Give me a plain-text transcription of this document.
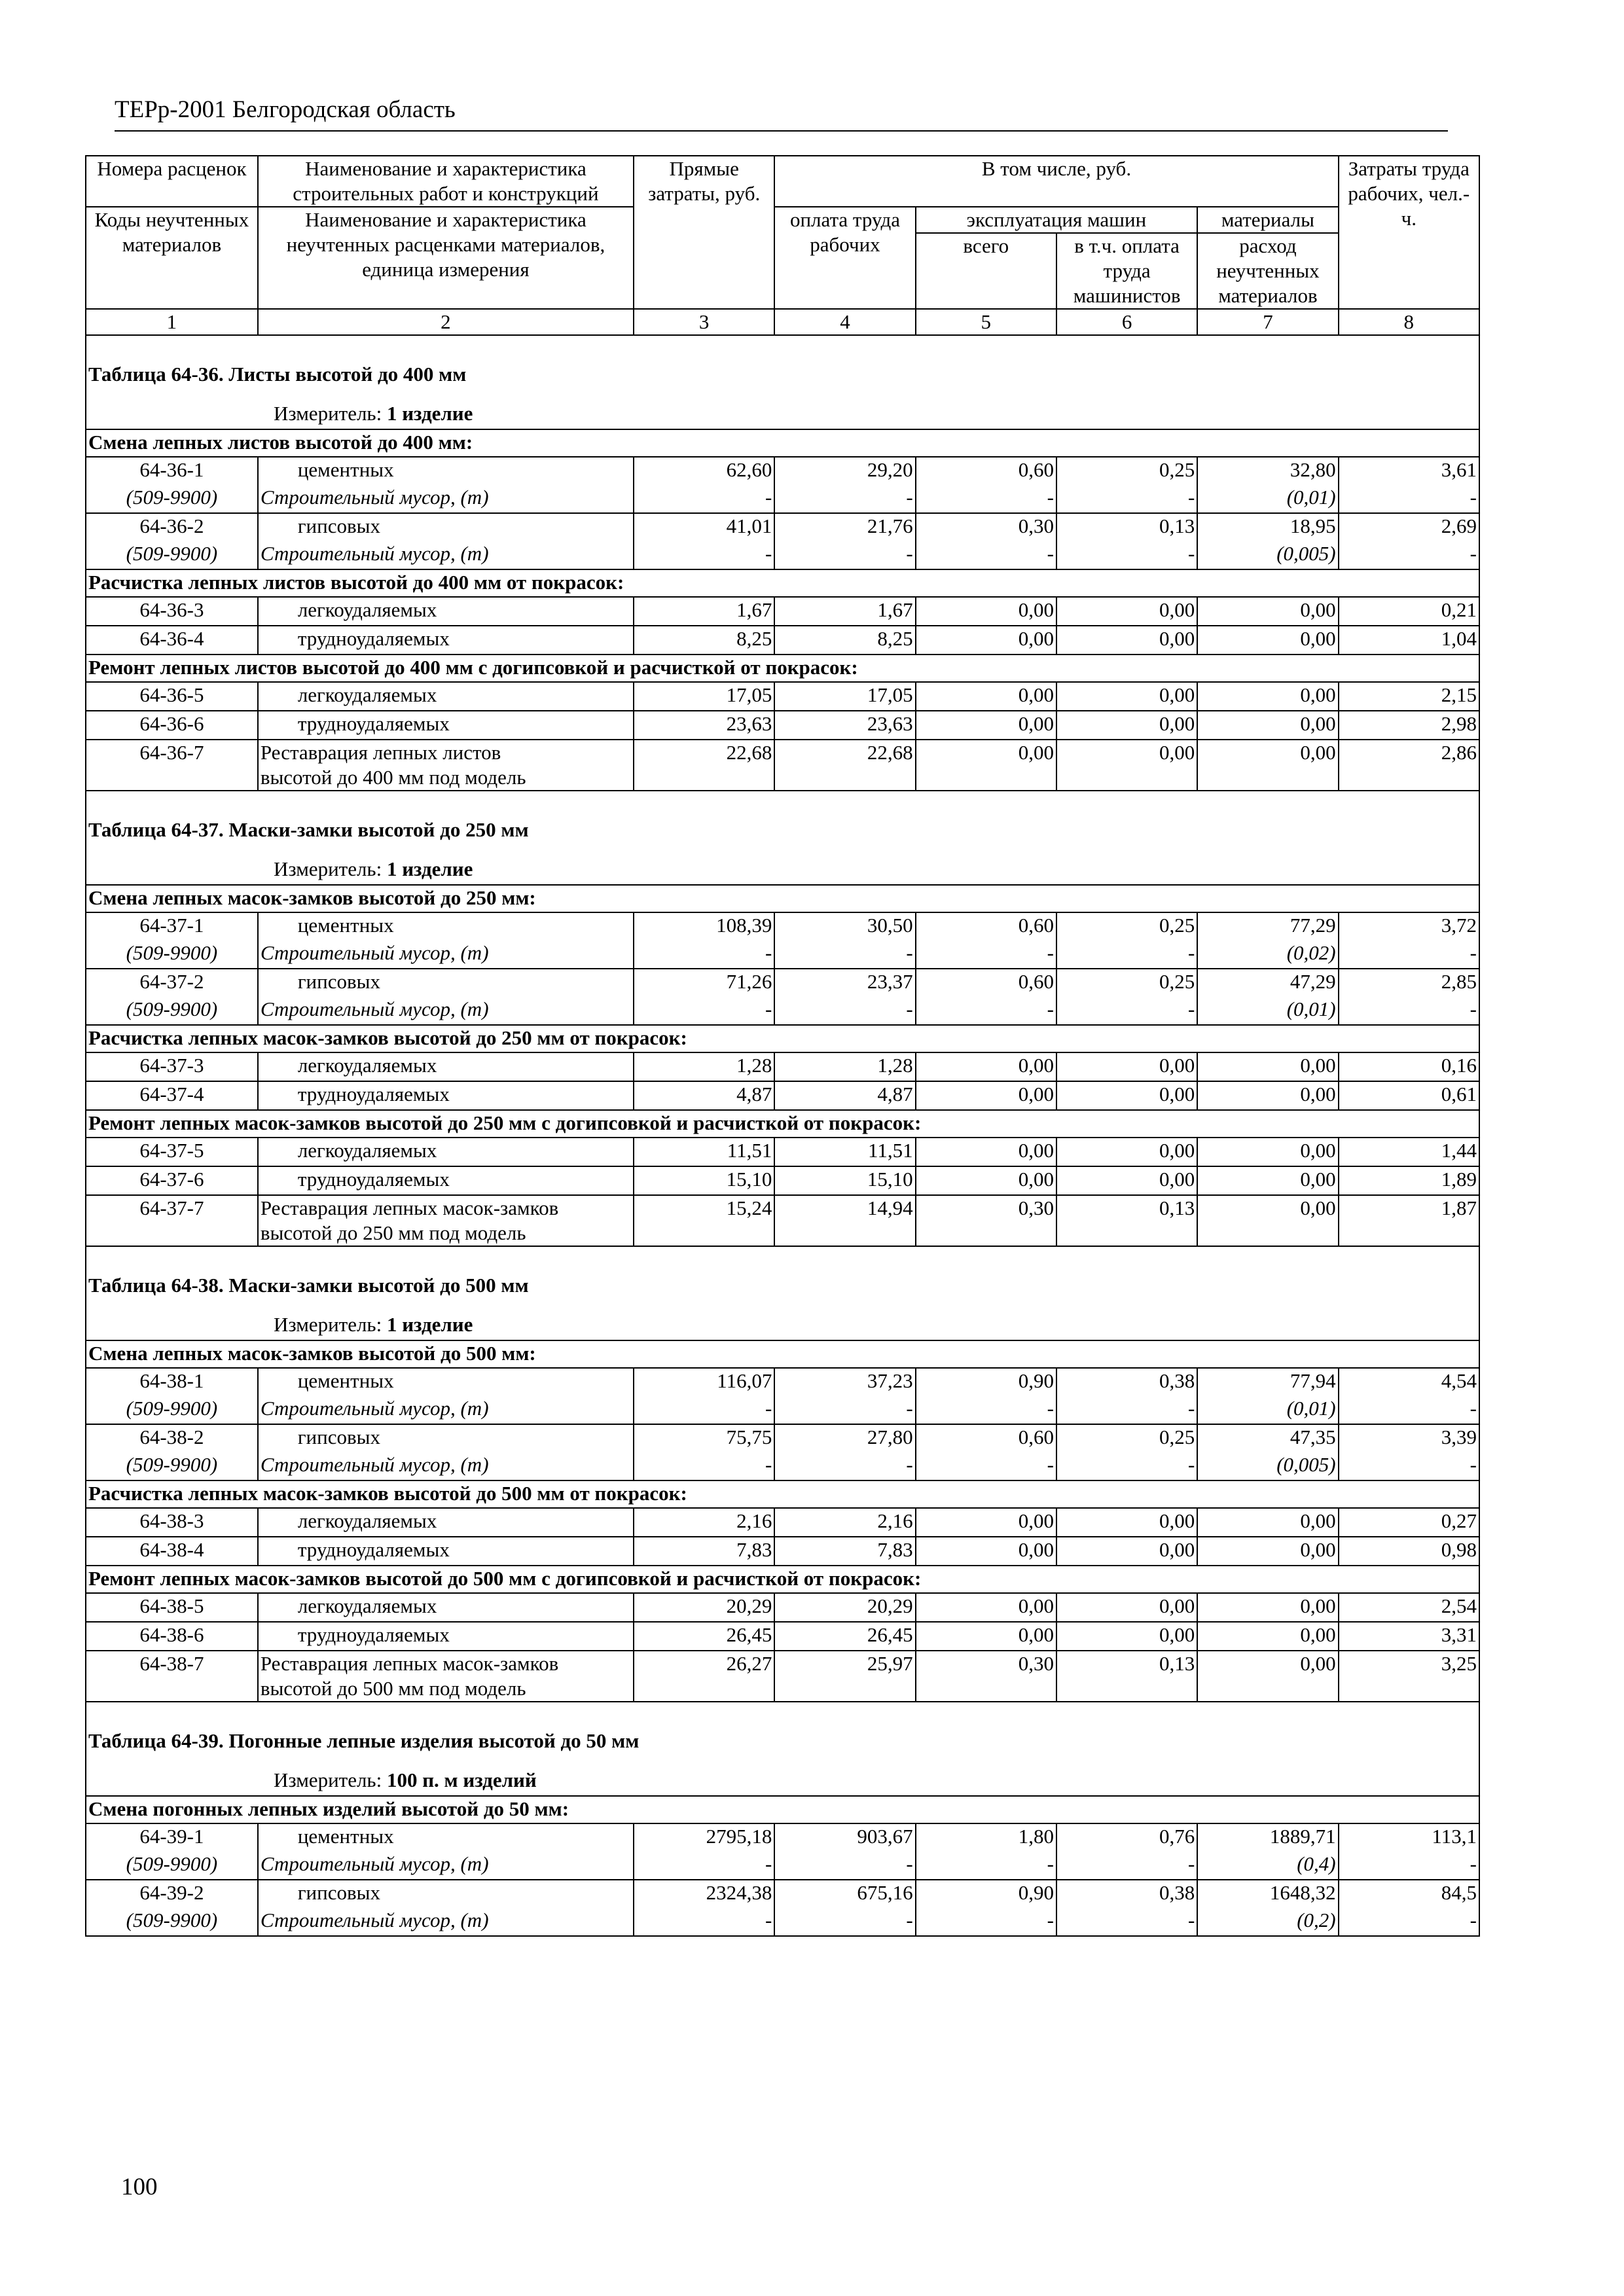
ТЕРр-2001 Белгородская область
Номера расценок	Наименование и характеристика строительных работ и конструкций	Прямые затраты, руб.	В том числе, руб.				Затраты труда рабочих, чел.-ч.
Коды неучтенных материалов	Наименование и характеристика неучтенных расценками материалов, единица измерения		оплата труда рабочих	эксплуатация машин		материалы	
				всего	в т.ч. оплата труда машинистов	расход неучтенных материалов	
1	2	3	4	5	6	7	8

Таблица 64-36. Листы высотой до 400 мм							
Измеритель: 1 изделие							
Смена лепных листов высотой до 400 мм:							
64-36-1	цементных	62,60	29,20	0,60	0,25	32,80	3,61
(509-9900)	Строительный мусор, (т)	-	-	-	-	(0,01)	-
64-36-2	гипсовых	41,01	21,76	0,30	0,13	18,95	2,69
(509-9900)	Строительный мусор, (т)	-	-	-	-	(0,005)	-
Расчистка лепных листов высотой до 400 мм от покрасок:							
64-36-3	легкоудаляемых	1,67	1,67	0,00	0,00	0,00	0,21
64-36-4	трудноудаляемых	8,25	8,25	0,00	0,00	0,00	1,04
Ремонт лепных листов высотой до 400 мм с догипсовкой и расчисткой от покрасок:							
64-36-5	легкоудаляемых	17,05	17,05	0,00	0,00	0,00	2,15
64-36-6	трудноудаляемых	23,63	23,63	0,00	0,00	0,00	2,98
64-36-7	Реставрация лепных листов
высотой до 400 мм под модель	22,68	22,68	0,00	0,00	0,00	2,86

Таблица 64-37. Маски-замки высотой до 250 мм							
Измеритель: 1 изделие							
Смена лепных масок-замков высотой до 250 мм:							
64-37-1	цементных	108,39	30,50	0,60	0,25	77,29	3,72
(509-9900)	Строительный мусор, (т)	-	-	-	-	(0,02)	-
64-37-2	гипсовых	71,26	23,37	0,60	0,25	47,29	2,85
(509-9900)	Строительный мусор, (т)	-	-	-	-	(0,01)	-
Расчистка лепных масок-замков высотой до 250 мм от покрасок:							
64-37-3	легкоудаляемых	1,28	1,28	0,00	0,00	0,00	0,16
64-37-4	трудноудаляемых	4,87	4,87	0,00	0,00	0,00	0,61
Ремонт лепных масок-замков высотой до 250 мм с догипсовкой и расчисткой от покрасок:							
64-37-5	легкоудаляемых	11,51	11,51	0,00	0,00	0,00	1,44
64-37-6	трудноудаляемых	15,10	15,10	0,00	0,00	0,00	1,89
64-37-7	Реставрация лепных масок-замков
высотой до 250 мм под модель	15,24	14,94	0,30	0,13	0,00	1,87

Таблица 64-38. Маски-замки высотой до 500 мм							
Измеритель: 1 изделие							
Смена лепных масок-замков высотой до 500 мм:							
64-38-1	цементных	116,07	37,23	0,90	0,38	77,94	4,54
(509-9900)	Строительный мусор, (т)	-	-	-	-	(0,01)	-
64-38-2	гипсовых	75,75	27,80	0,60	0,25	47,35	3,39
(509-9900)	Строительный мусор, (т)	-	-	-	-	(0,005)	-
Расчистка лепных масок-замков высотой до 500 мм от покрасок:							
64-38-3	легкоудаляемых	2,16	2,16	0,00	0,00	0,00	0,27
64-38-4	трудноудаляемых	7,83	7,83	0,00	0,00	0,00	0,98
Ремонт лепных масок-замков высотой до 500 мм с догипсовкой и расчисткой от покрасок:							
64-38-5	легкоудаляемых	20,29	20,29	0,00	0,00	0,00	2,54
64-38-6	трудноудаляемых	26,45	26,45	0,00	0,00	0,00	3,31
64-38-7	Реставрация лепных масок-замков
высотой до 500 мм под модель	26,27	25,97	0,30	0,13	0,00	3,25

Таблица 64-39. Погонные лепные изделия высотой до 50 мм							
Измеритель: 100 п. м изделий							
Смена погонных лепных изделий высотой до 50 мм:							
64-39-1	цементных	2795,18	903,67	1,80	0,76	1889,71	113,1
(509-9900)	Строительный мусор, (т)	-	-	-	-	(0,4)	-
64-39-2	гипсовых	2324,38	675,16	0,90	0,38	1648,32	84,5
(509-9900)	Строительный мусор, (т)	-	-	-	-	(0,2)	-
100
